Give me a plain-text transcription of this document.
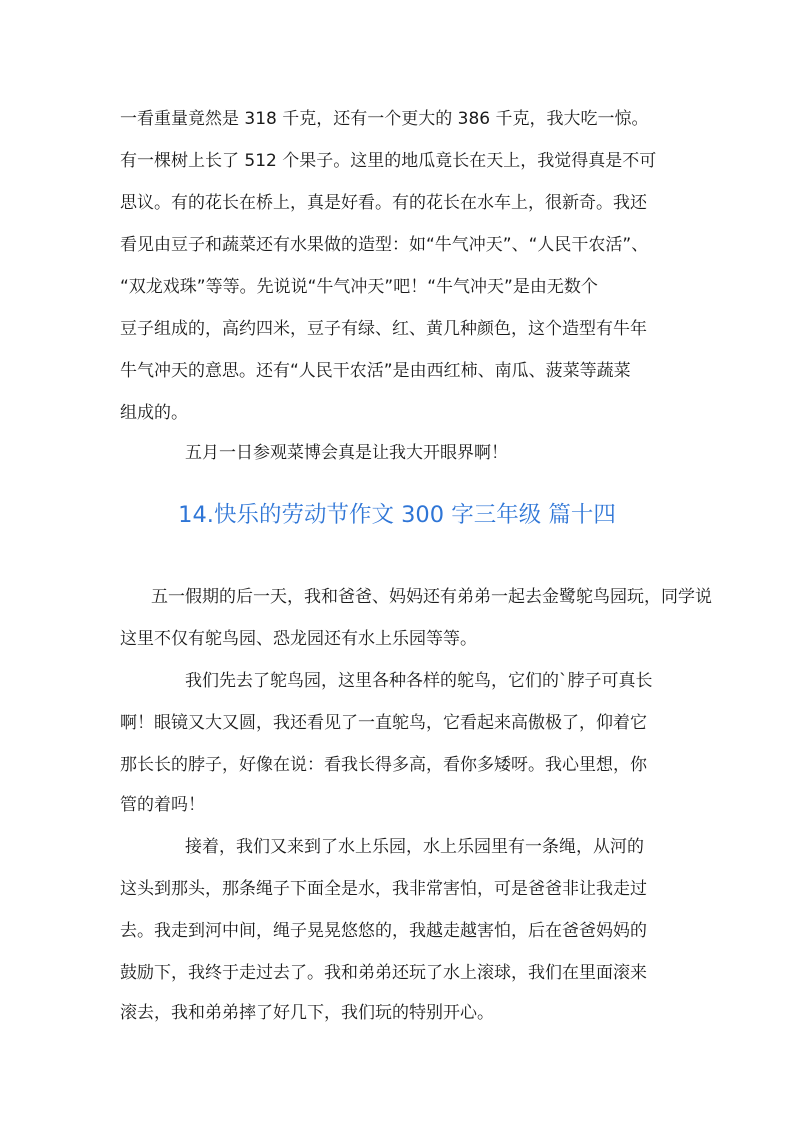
一看重量竟然是 318 千克，还有一个更大的 386 千克，我大吃一惊。
有一棵树上长了 512 个果子。这里的地瓜竟长在天上，我觉得真是不可
思议。有的花长在桥上，真是好看。有的花长在水车上，很新奇。我还
看见由豆子和蔬菜还有水果做的造型：如“牛气冲天”、“人民干农活”、
“双龙戏珠”等等。先说说“牛气冲天”吧！“牛气冲天”是由无数个
豆子组成的，高约四米，豆子有绿、红、黄几种颜色，这个造型有牛年
牛气冲天的意思。还有“人民干农活”是由西红柿、南瓜、菠菜等蔬菜
组成的。
五月一日参观菜博会真是让我大开眼界啊！
14.快乐的劳动节作文 300 字三年级 篇十四
五一假期的后一天，我和爸爸、妈妈还有弟弟一起去金鹭鸵鸟园玩，同学说
这里不仅有鸵鸟园、恐龙园还有水上乐园等等。
我们先去了鸵鸟园，这里各种各样的鸵鸟，它们的`脖子可真长
啊！眼镜又大又圆，我还看见了一直鸵鸟，它看起来高傲极了，仰着它
那长长的脖子，好像在说：看我长得多高，看你多矮呀。我心里想，你
管的着吗！
接着，我们又来到了水上乐园，水上乐园里有一条绳，从河的
这头到那头，那条绳子下面全是水，我非常害怕，可是爸爸非让我走过
去。我走到河中间，绳子晃晃悠悠的，我越走越害怕，后在爸爸妈妈的
鼓励下，我终于走过去了。我和弟弟还玩了水上滚球，我们在里面滚来
滚去，我和弟弟摔了好几下，我们玩的特别开心。
